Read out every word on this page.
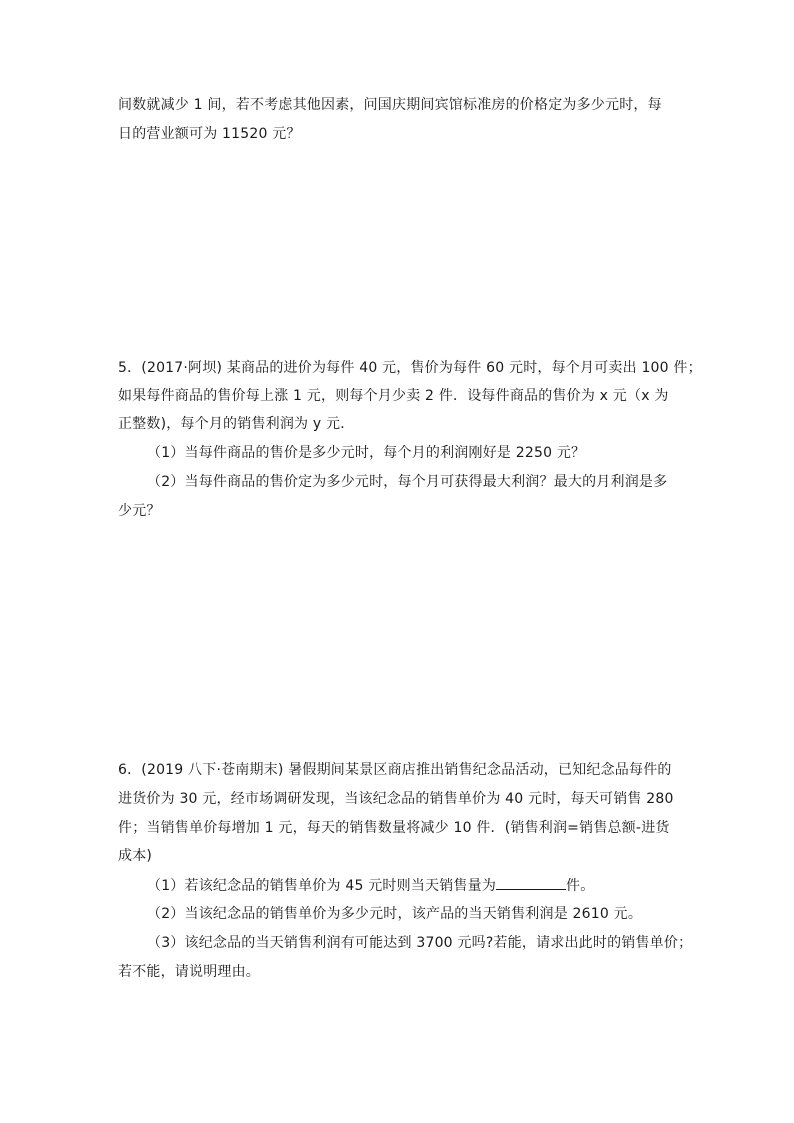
间数就减少 1 间，若不考虑其他因素，问国庆期间宾馆标准房的价格定为多少元时，每
日的营业额可为 11520 元？
5．(2017·阿坝) 某商品的进价为每件 40 元，售价为每件 60 元时，每个月可卖出 100 件；
如果每件商品的售价每上涨 1 元，则每个月少卖 2 件．设每件商品的售价为 x 元（x 为
正整数)，每个月的销售利润为 y 元．
（1）当每件商品的售价是多少元时，每个月的利润刚好是 2250 元？
（2）当每件商品的售价定为多少元时，每个月可获得最大利润？最大的月利润是多
少元？
6．(2019 八下·苍南期末) 暑假期间某景区商店推出销售纪念品活动，已知纪念品每件的
进货价为 30 元，经市场调研发现，当该纪念品的销售单价为 40 元时，每天可销售 280
件；当销售单价每增加 1 元，每天的销售数量将减少 10 件．(销售利润=销售总额-进货
成本)
（1）若该纪念品的销售单价为 45 元时则当天销售量为	件。
（2）当该纪念品的销售单价为多少元时，该产品的当天销售利润是 2610 元。
（3）该纪念品的当天销售利润有可能达到 3700 元吗?若能，请求出此时的销售单价；
若不能，请说明理由。
